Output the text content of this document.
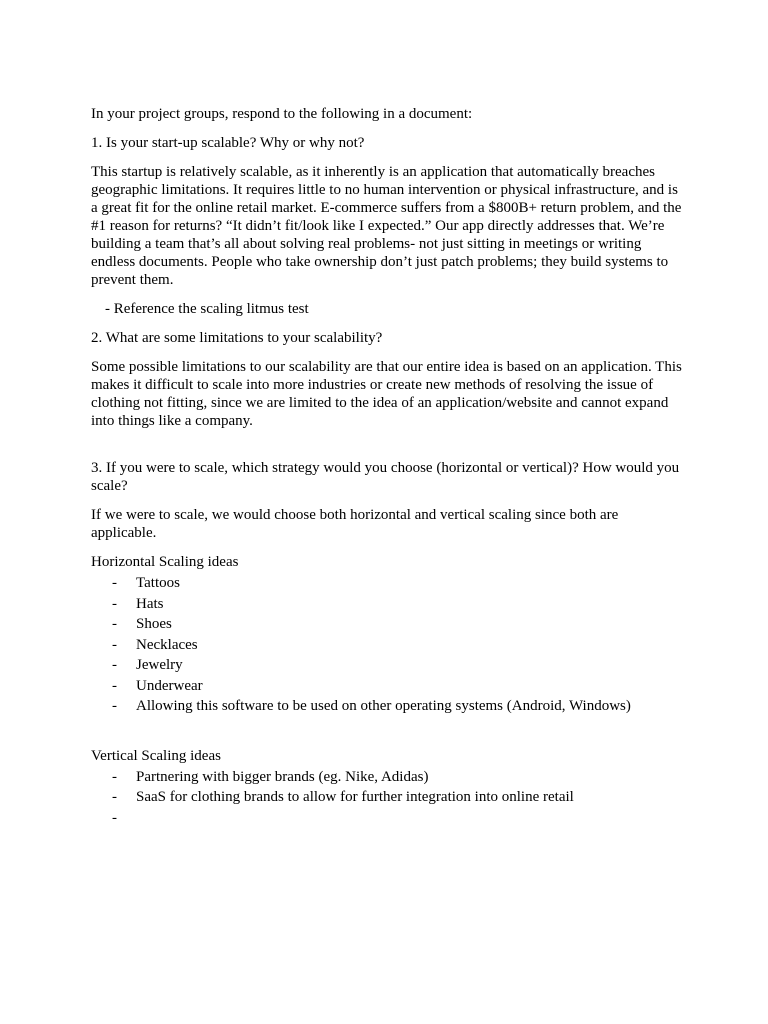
In your project groups, respond to the following in a document:

1. Is your start-up scalable? Why or why not?

This startup is relatively scalable, as it inherently is an application that automatically breaches geographic limitations. It requires little to no human intervention or physical infrastructure, and is a great fit for the online retail market. E-commerce suffers from a $800B+ return problem, and the #1 reason for returns? “It didn’t fit/look like I expected.” Our app directly addresses that. We’re building a team that’s all about solving real problems- not just sitting in meetings or writing endless documents. People who take ownership don’t just patch problems; they build systems to prevent them.

- Reference the scaling litmus test

2. What are some limitations to your scalability?

Some possible limitations to our scalability are that our entire idea is based on an application. This makes it difficult to scale into more industries or create new methods of resolving the issue of clothing not fitting, since we are limited to the idea of an application/website and cannot expand into things like a company.

3. If you were to scale, which strategy would you choose (horizontal or vertical)? How would you scale?

If we were to scale, we would choose both horizontal and vertical scaling since both are applicable.

Horizontal Scaling ideas

- Tattoos
- Hats
- Shoes
- Necklaces
- Jewelry
- Underwear
- Allowing this software to be used on other operating systems (Android, Windows)

Vertical Scaling ideas

- Partnering with bigger brands (eg. Nike, Adidas)
- SaaS for clothing brands to allow for further integration into online retail
-
